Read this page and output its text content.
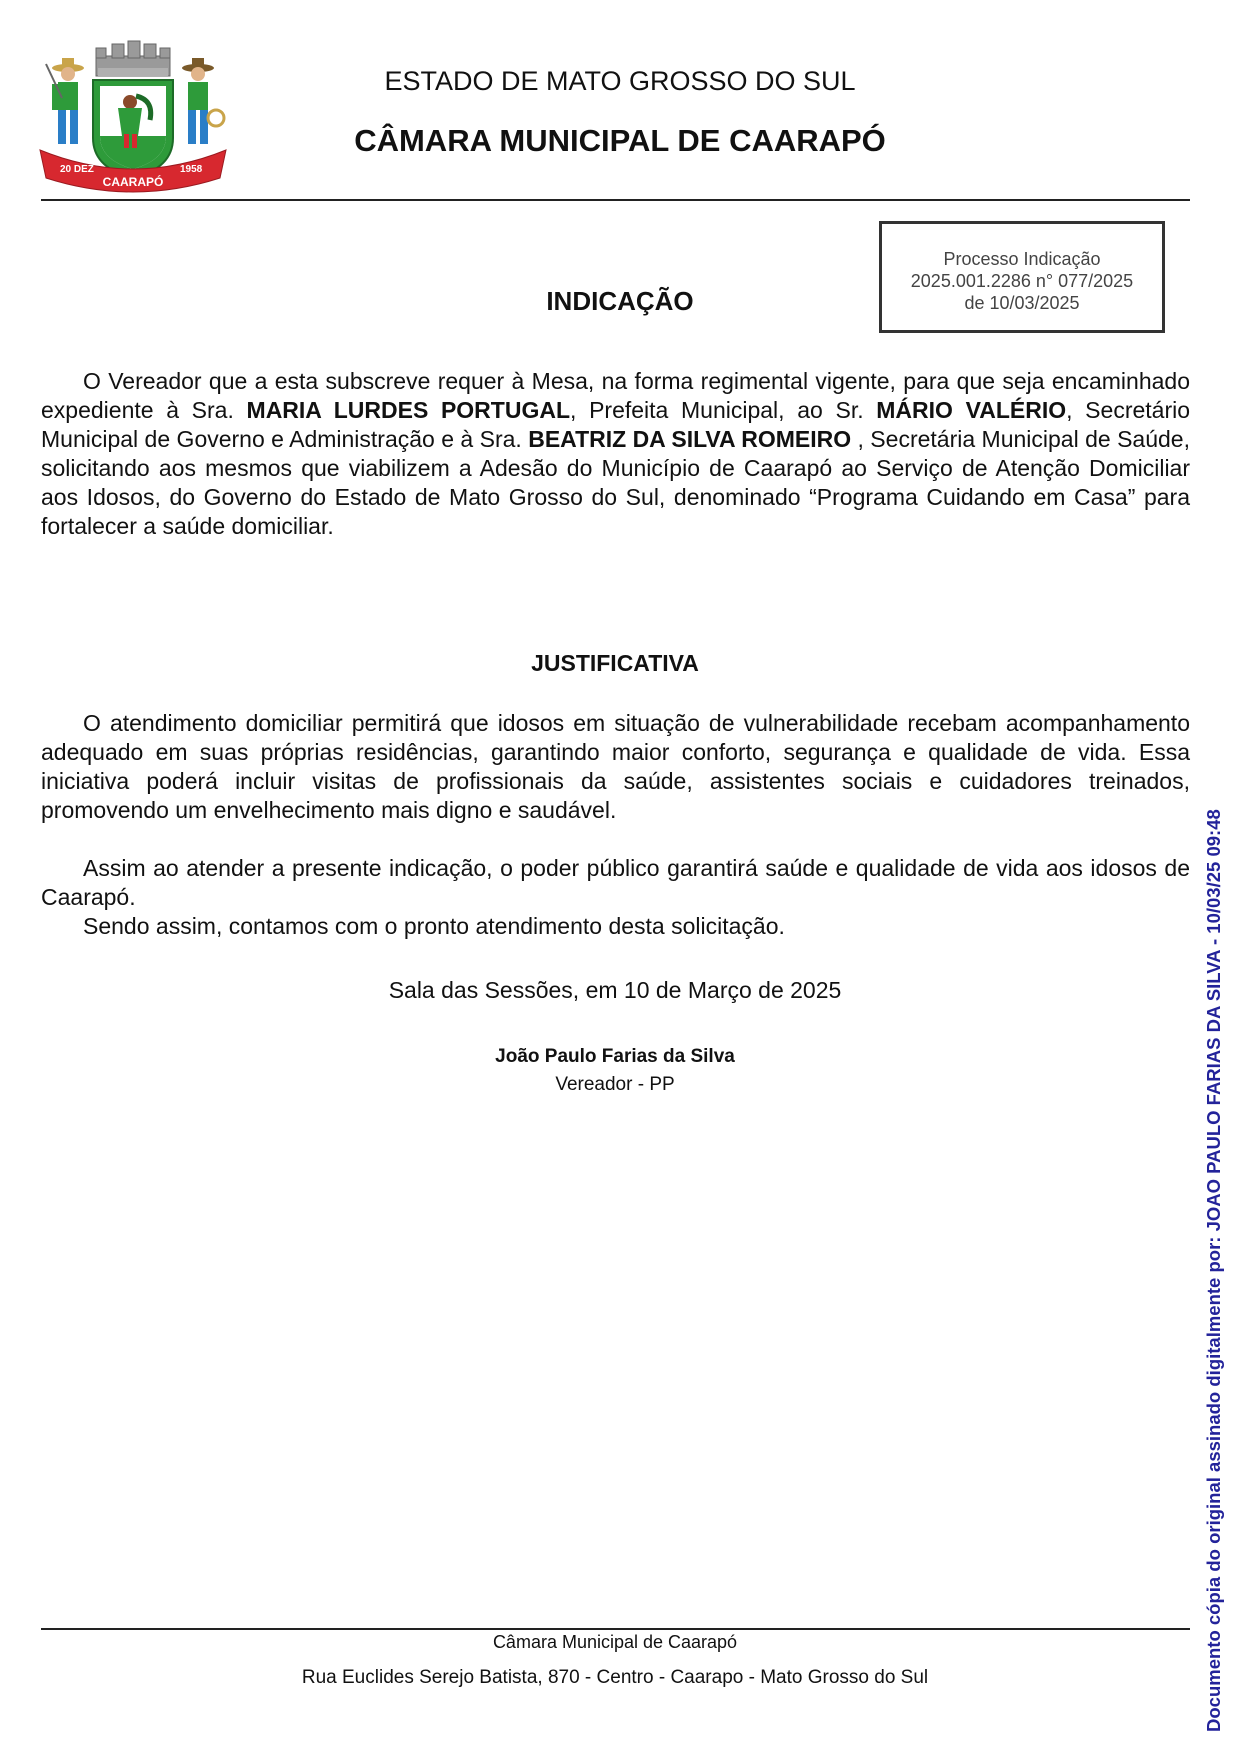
20 DEZ
CAARAPÓ
1958
ESTADO DE MATO GROSSO DO SUL
CÂMARA MUNICIPAL DE CAARAPÓ
Processo Indicação
2025.001.2286 n° 077/2025
de 10/03/2025
INDICAÇÃO

O Vereador que a esta subscreve requer à Mesa, na forma regimental vigente, para que seja encaminhado expediente à Sra. MARIA LURDES PORTUGAL, Prefeita Municipal, ao Sr. MÁRIO VALÉRIO, Secretário Municipal de Governo e Administração e à Sra. BEATRIZ DA SILVA ROMEIRO , Secretária Municipal de Saúde, solicitando aos mesmos que viabilizem a Adesão do Município de Caarapó ao Serviço de Atenção Domiciliar aos Idosos, do Governo do Estado de Mato Grosso do Sul, denominado “Programa Cuidando em Casa” para fortalecer a saúde domiciliar.

JUSTIFICATIVA

O atendimento domiciliar permitirá que idosos em situação de vulnerabilidade recebam acompanhamento adequado em suas próprias residências, garantindo maior conforto, segurança e qualidade de vida. Essa iniciativa poderá incluir visitas de profissionais da saúde, assistentes sociais e cuidadores treinados, promovendo um envelhecimento mais digno e saudável.

Assim ao atender a presente indicação, o poder público garantirá saúde e qualidade de vida aos idosos de Caarapó.

Sendo assim, contamos com o pronto atendimento desta solicitação.

Sala das Sessões, em 10 de Março de 2025
João Paulo Farias da Silva
Vereador - PP
Câmara Municipal de Caarapó
Rua Euclides Serejo Batista, 870 - Centro - Caarapo - Mato Grosso do Sul	Documento cópia do original assinado digitalmente por: JOAO PAULO FARIAS DA SILVA - 10/03/25 09:48
